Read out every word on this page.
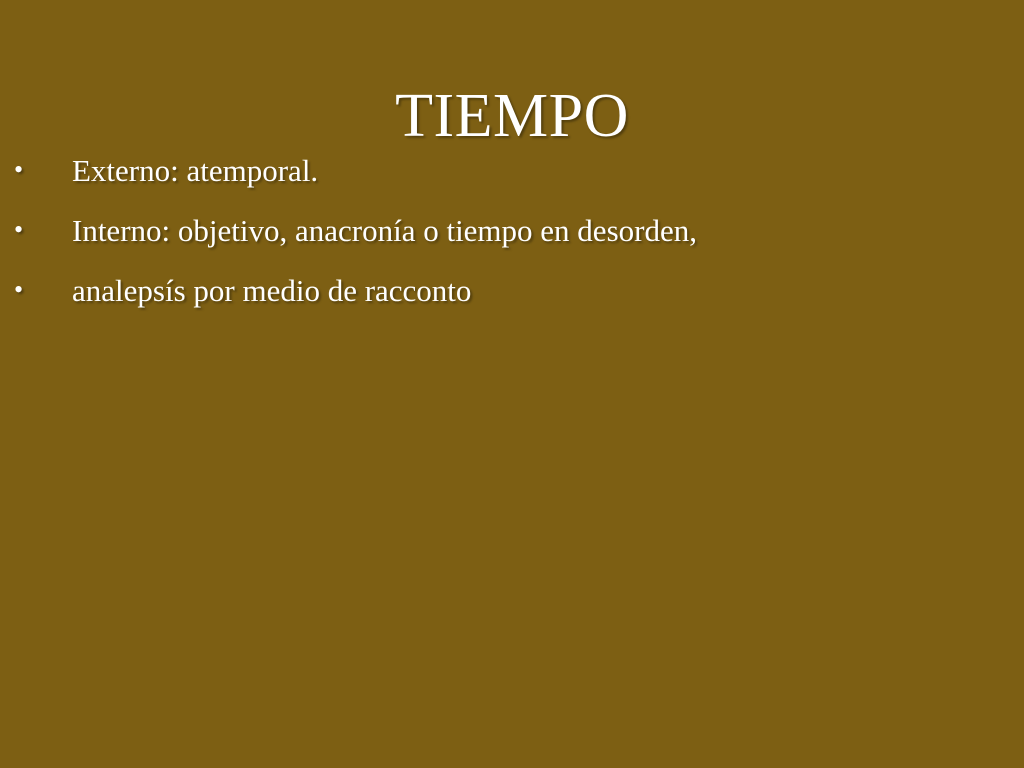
TIEMPO
•	Externo: atemporal.
•	Interno: objetivo, anacronía o tiempo en desorden,
•	analepsís por medio de racconto
